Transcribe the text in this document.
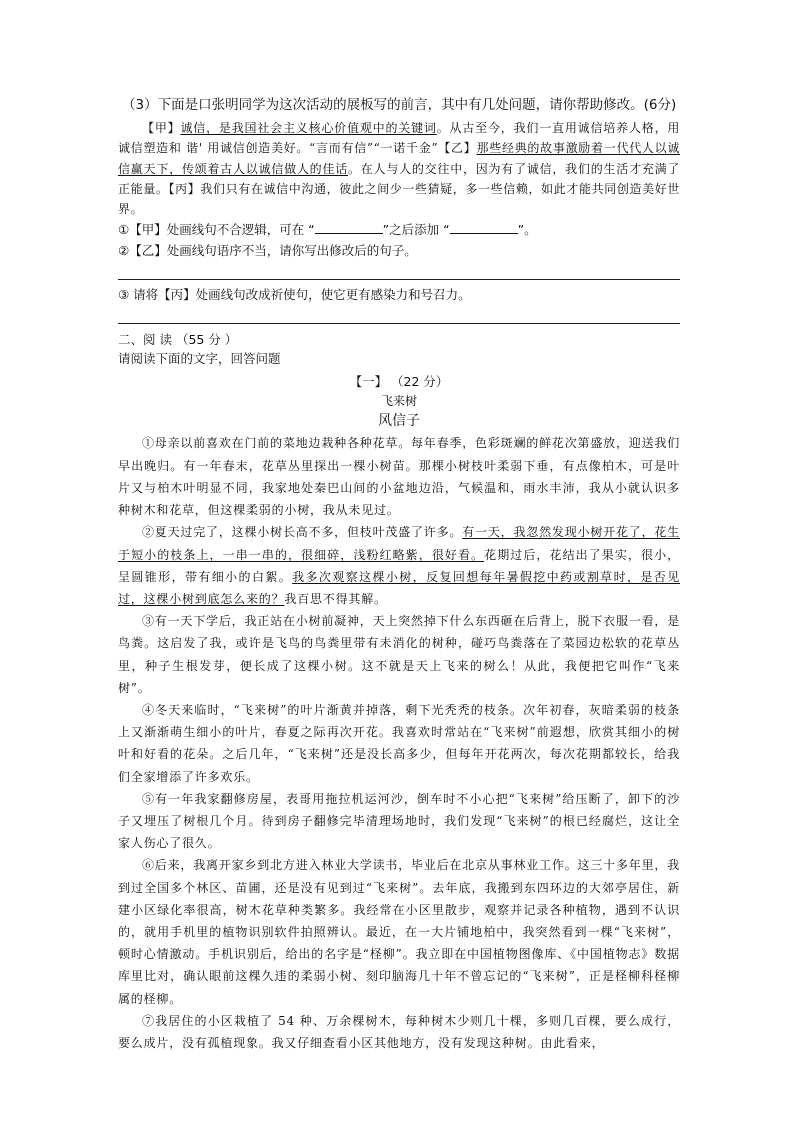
（3）下面是口张明同学为这次活动的展板写的前言，其中有几处问题，请你帮助修改。(6分)

【甲】诚信，是我国社会主义核心价值观中的关键词。从古至今，我们一直用诚信培养人格，用诚信塑造和 谐' 用诚信创造美好。“言而有信”“一诺千金”【乙】那些经典的故事激励着一代代人以诚信赢天下，传颂着古人以诚信做人的佳话。在人与人的交往中，因为有了诚信，我们的生活才充满了正能量。【丙】我们只有在诚信中沟通，彼此之间少一些猜疑，多一些信赖，如此才能共同创造美好世界。

①【甲】处画线句不合逻辑，可在 “	”之后添加 “	”。

②【乙】处画线句语序不当，请你写出修改后的句子。

③ 请将【丙】处画线句改成祈使句，使它更有感染力和号召力。

二、阅 读 （55 分 ）

请阅读下面的文字，回答问题

【一】 （22 分）
飞来树
风信子

①母亲以前喜欢在门前的菜地边栽种各种花草。每年春季，色彩斑斓的鲜花次第盛放，迎送我们早出晚归。有一年春末，花草丛里探出一棵小树苗。那棵小树枝叶柔弱下垂，有点像柏木，可是叶片又与柏木叶明显不同，我家地处秦巴山间的小盆地边沿，气候温和，雨水丰沛，我从小就认识多种树木和花草，但这棵柔弱的小树，我从未见过。

②夏天过完了，这棵小树长高不多，但枝叶茂盛了许多。有一天，我忽然发现小树开花了，花生于短小的枝条上，一串一串的，很细碎，浅粉红略紫，很好看。花期过后，花结出了果实，很小，呈圆锥形，带有细小的白絮。我多次观察这棵小树，反复回想每年暑假挖中药或割草时，是否见过，这棵小树到底怎么来的？我百思不得其解。

③有一天下学后，我正站在小树前凝神，天上突然掉下什么东西砸在后背上，脱下衣服一看，是鸟粪。这启发了我，或许是飞鸟的鸟粪里带有未消化的树种，碰巧鸟粪落在了菜园边松软的花草丛里，种子生根发芽，便长成了这棵小树。这不就是天上飞来的树么！从此，我便把它叫作“飞来树”。

④冬天来临时，“飞来树”的叶片渐黄并掉落，剩下光秃秃的枝条。次年初春，灰暗柔弱的枝条上又渐渐萌生细小的叶片，春夏之际再次开花。我喜欢时常站在“飞来树”前遐想，欣赏其细小的树叶和好看的花朵。之后几年，“飞来树”还是没长高多少，但每年开花两次，每次花期都较长，给我们全家增添了许多欢乐。

⑤有一年我家翻修房屋，表哥用拖拉机运河沙，倒车时不小心把“飞来树”给压断了，卸下的沙子又埋压了树根几个月。待到房子翻修完毕清理场地时，我们发现“飞来树”的根已经腐烂，这让全家人伤心了很久。

⑥后来，我离开家乡到北方进入林业大学读书，毕业后在北京从事林业工作。这三十多年里，我到过全国多个林区、苗圃，还是没有见到过“飞来树”。去年底，我搬到东四环边的大郊亭居住，新建小区绿化率很高，树木花草种类繁多。我经常在小区里散步，观察并记录各种植物，遇到不认识的，就用手机里的植物识别软件拍照辨认。最近，在一大片铺地柏中，我突然看到一棵“飞来树”，顿时心情激动。手机识别后，给出的名字是“柽柳”。我立即在中国植物图像库、《中国植物志》数据库里比对，确认眼前这棵久违的柔弱小树、刻印脑海几十年不曾忘记的“飞来树”，正是柽柳科柽柳属的柽柳。

⑦我居住的小区栽植了 54 种、万余棵树木，每种树木少则几十棵，多则几百棵，要么成行，要么成片，没有孤植现象。我又仔细查看小区其他地方，没有发现这种树。由此看来，
